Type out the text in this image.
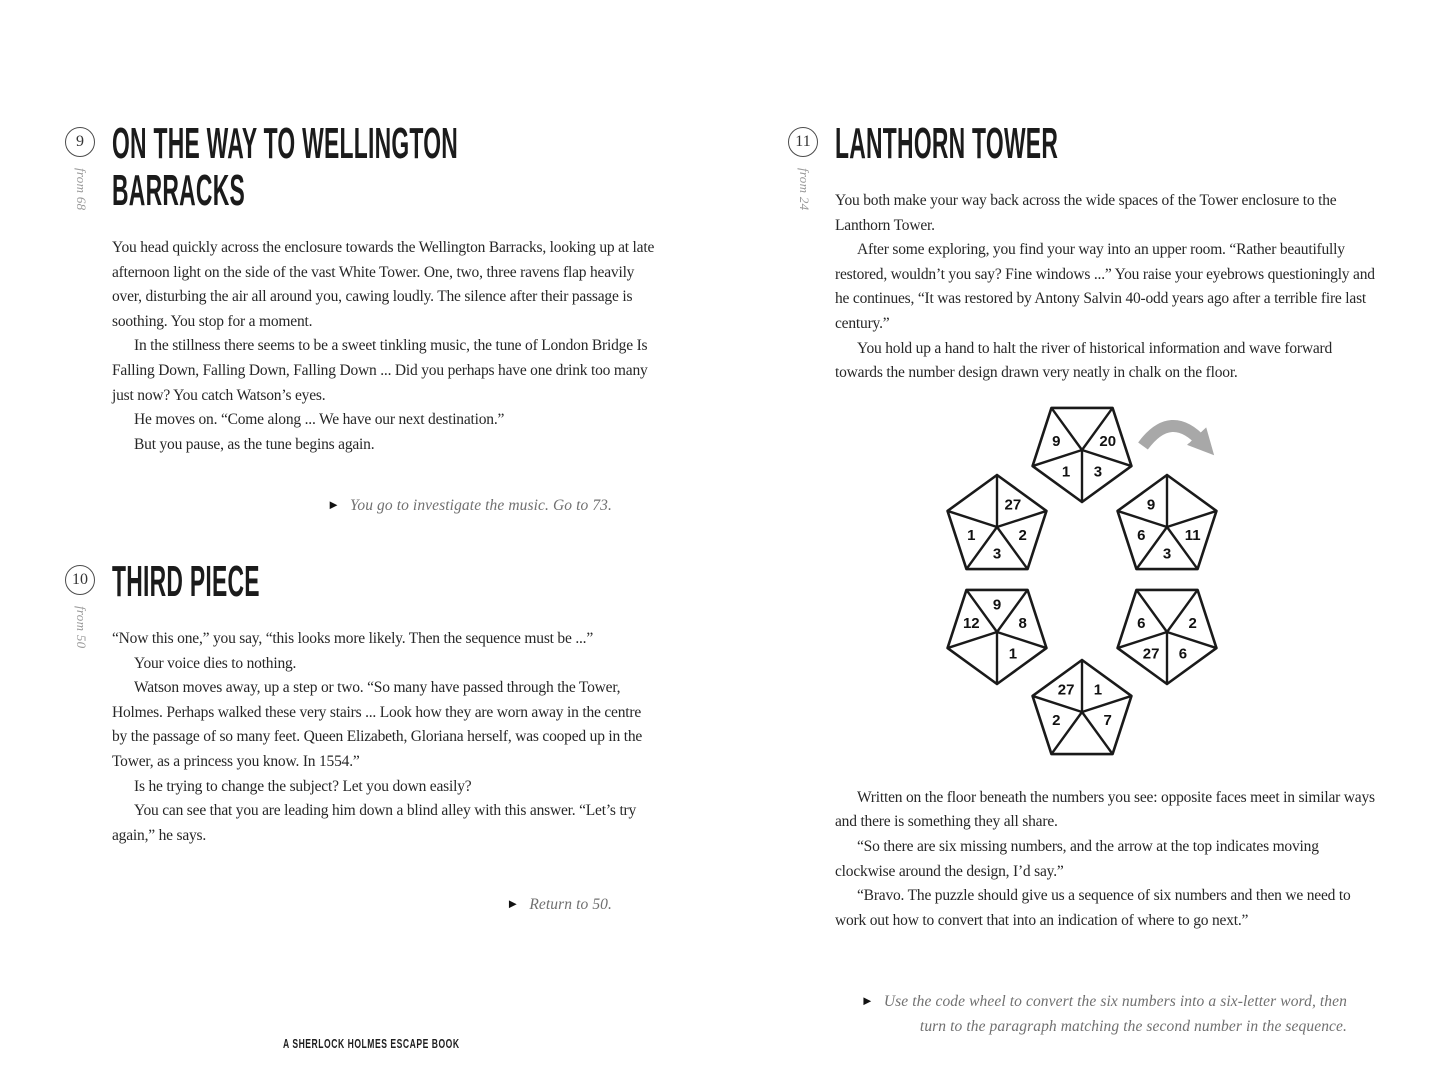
9
from 68
ON THE WAY TO WELLINGTON BARRACKS

You head quickly across the enclosure towards the Wellington Barracks, looking up at late afternoon light on the side of the vast White Tower. One, two, three ravens flap heavily over, disturbing the air all around you, cawing loudly. The silence after their passage is soothing. You stop for a moment.

In the stillness there seems to be a sweet tinkling music, the tune of London Bridge Is Falling Down, Falling Down, Falling Down ... Did you perhaps have one drink too many just now? You catch Watson’s eyes.

He moves on. “Come along ... We have our next destination.”

But you pause, as the tune begins again.

► You go to investigate the music. Go to 73.
10
from 50
THIRD PIECE

“Now this one,” you say, “this looks more likely. Then the sequence must be ...”

Your voice dies to nothing.

Watson moves away, up a step or two. “So many have passed through the Tower, Holmes. Perhaps walked these very stairs ... Look how they are worn away in the centre by the passage of so many feet. Queen Elizabeth, Gloriana herself, was cooped up in the Tower, as a princess you know. In 1554.”

Is he trying to change the subject? Let you down easily?

You can see that you are leading him down a blind alley with this answer. “Let’s try again,” he says.

► Return to 50.
11
from 24
LANTHORN TOWER

You both make your way back across the wide spaces of the Tower enclosure to the Lanthorn Tower.

After some exploring, you find your way into an upper room. “Rather beautifully restored, wouldn’t you say? Fine windows ...” You raise your eyebrows questioningly and he continues, “It was restored by Antony Salvin 40-odd years ago after a terrible fire last century.”

You hold up a hand to halt the river of historical information and wave forward towards the number design drawn very neatly in chalk on the floor.

9	20
1 3
9
6	11
3
6	2
27 6
27 1
2	7
9
12	8
1
27
1	2
3

Written on the floor beneath the numbers you see: opposite faces meet in similar ways and there is something they all share.

“So there are six missing numbers, and the arrow at the top indicates moving clockwise around the design, I’d say.”

“Bravo. The puzzle should give us a sequence of six numbers and then we need to work out how to convert that into an indication of where to go next.”

► Use the code wheel to convert the six numbers into a six-letter word, then turn to the paragraph matching the second number in the sequence.
A SHERLOCK HOLMES ESCAPE BOOK
